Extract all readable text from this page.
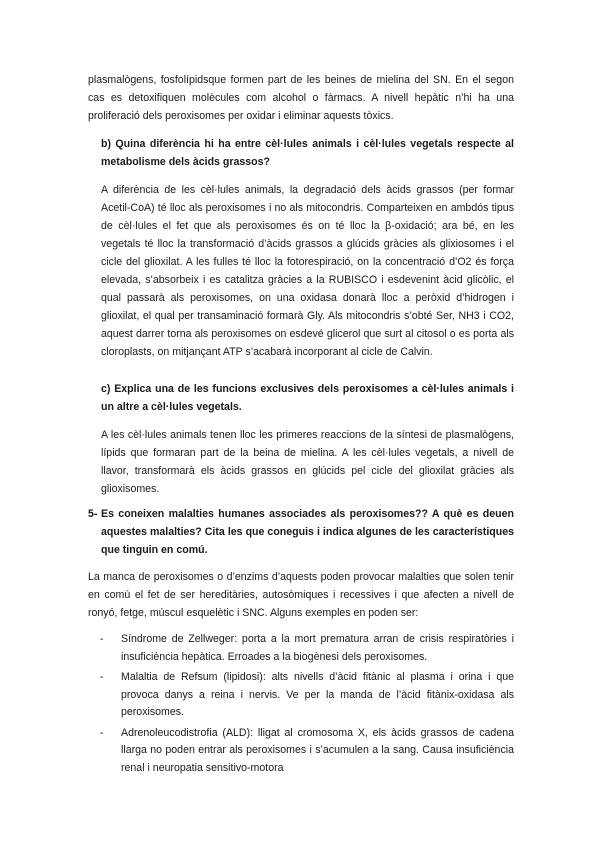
plasmalògens, fosfolípidsque formen part de les beines de mielina del SN. En el segon cas es detoxifiquen molècules com alcohol o fàrmacs. A nivell hepàtic n’hi ha una proliferació dels peroxisomes per oxidar i eliminar aquests tòxics.

b) Quina diferència hi ha entre cèl·lules animals i cèl·lules vegetals respecte al metabolisme dels àcids grassos?

A diferència de les cèl·lules animals, la degradació dels àcids grassos (per formar Acetil-CoA) té lloc als peroxisomes i no als mitocondris. Comparteixen en ambdós tipus de cèl·lules el fet que als peroxisomes és on té lloc la β-oxidació; ara bé, en les vegetals té lloc la transformació d’àcids grassos a glúcids gràcies als glixiosomes i el cicle del glioxilat. A les fulles té lloc la fotorespiració, on la concentració d’O2 és força elevada, s’absorbeix i es catalitza gràcies a la RUBISCO i esdevenint àcid glicòlic, el qual passarà als peroxisomes, on una oxidasa donarà lloc a peròxid d’hidrogen i glioxilat, el qual per transaminació formarà Gly. Als mitocondris s’obté Ser, NH3 i CO2, aquest darrer torna als peroxisomes on esdevé glicerol que surt al citosol o es porta als cloroplasts, on mitjançant ATP s’acabarà incorporant al cicle de Calvin.

c) Explica una de les funcions exclusives dels peroxisomes a cèl·lules animals i un altre a cèl·lules vegetals.

A les cèl·lules animals tenen lloc les primeres reaccions de la síntesi de plasmalògens, lípids que formaran part de la beina de mielina. A les cèl·lules vegetals, a nivell de llavor, transformarà els àcids grassos en glúcids pel cicle del glioxilat gràcies als glioxisomes.

5- Es coneixen malalties humanes associades als peroxisomes?? A què es deuen aquestes malalties? Cita les que coneguis i indica algunes de les característiques que tinguin en comú.

La manca de peroxisomes o d’enzims d’aquests poden provocar malalties que solen tenir en comú el fet de ser hereditàries, autosòmiques i recessives i que afecten a nivell de ronyó, fetge, múscul esquelètic i SNC. Alguns exemples en poden ser:

- Síndrome de Zellweger: porta a la mort prematura arran de crisis respiratòries i insuficiència hepàtica. Erroades a la biogènesi dels peroxisomes.
- Malaltia de Refsum (lipidosi): alts nivells d’àcid fitànic al plasma i orina i que provoca danys a reina i nervis. Ve per la manda de l’àcid fitànix-oxidasa als peroxisomes.
- Adrenoleucodistrofia (ALD): lligat al cromosoma X, els àcids grassos de cadena llarga no poden entrar als peroxisomes i s’acumulen a la sang. Causa insuficiència renal i neuropatia sensitivo-motora
